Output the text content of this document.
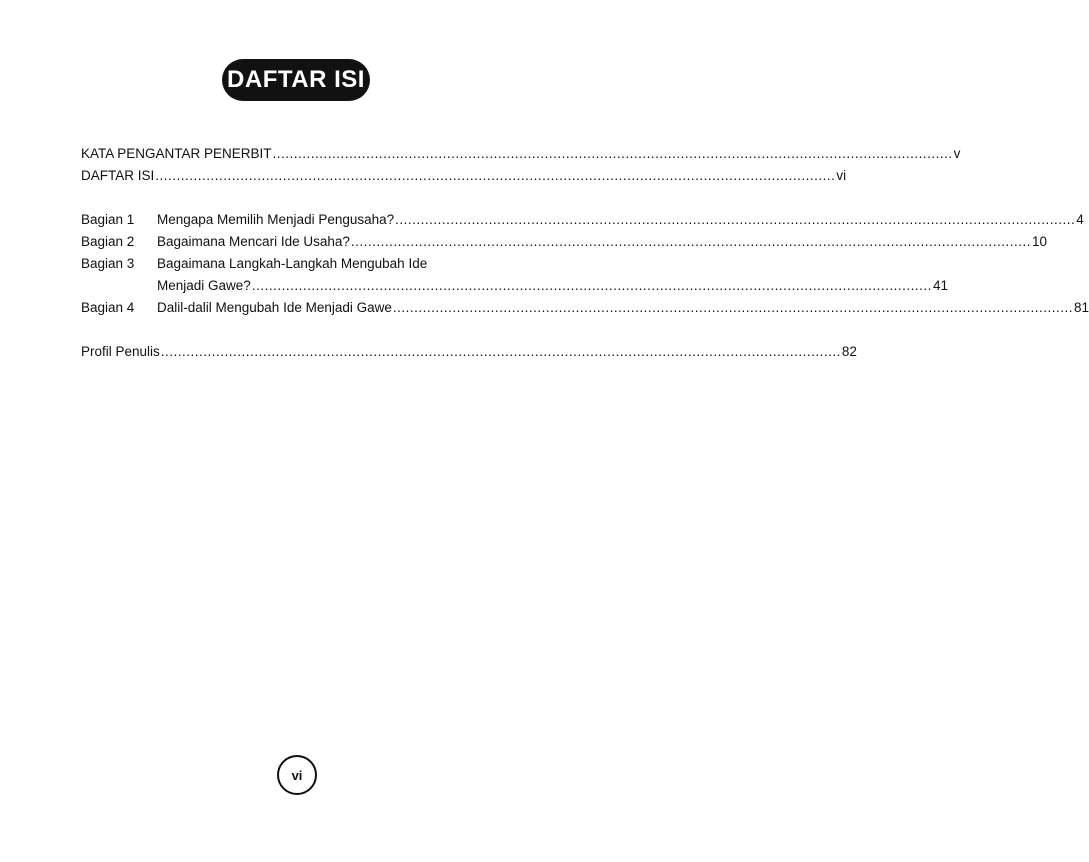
DAFTAR ISI
KATA PENGANTAR PENERBIT .....	v
DAFTAR ISI .....	vi
Bagian 1	Mengapa Memilih Menjadi Pengusaha? .....	4
Bagian 2	Bagaimana Mencari Ide Usaha? .....	10
Bagian 3	Bagaimana Langkah-Langkah Mengubah Ide
Menjadi Gawe? .....	41
Bagian 4	Dalil-dalil Mengubah Ide Menjadi Gawe .....	81
Profil Penulis .....	82
vi
